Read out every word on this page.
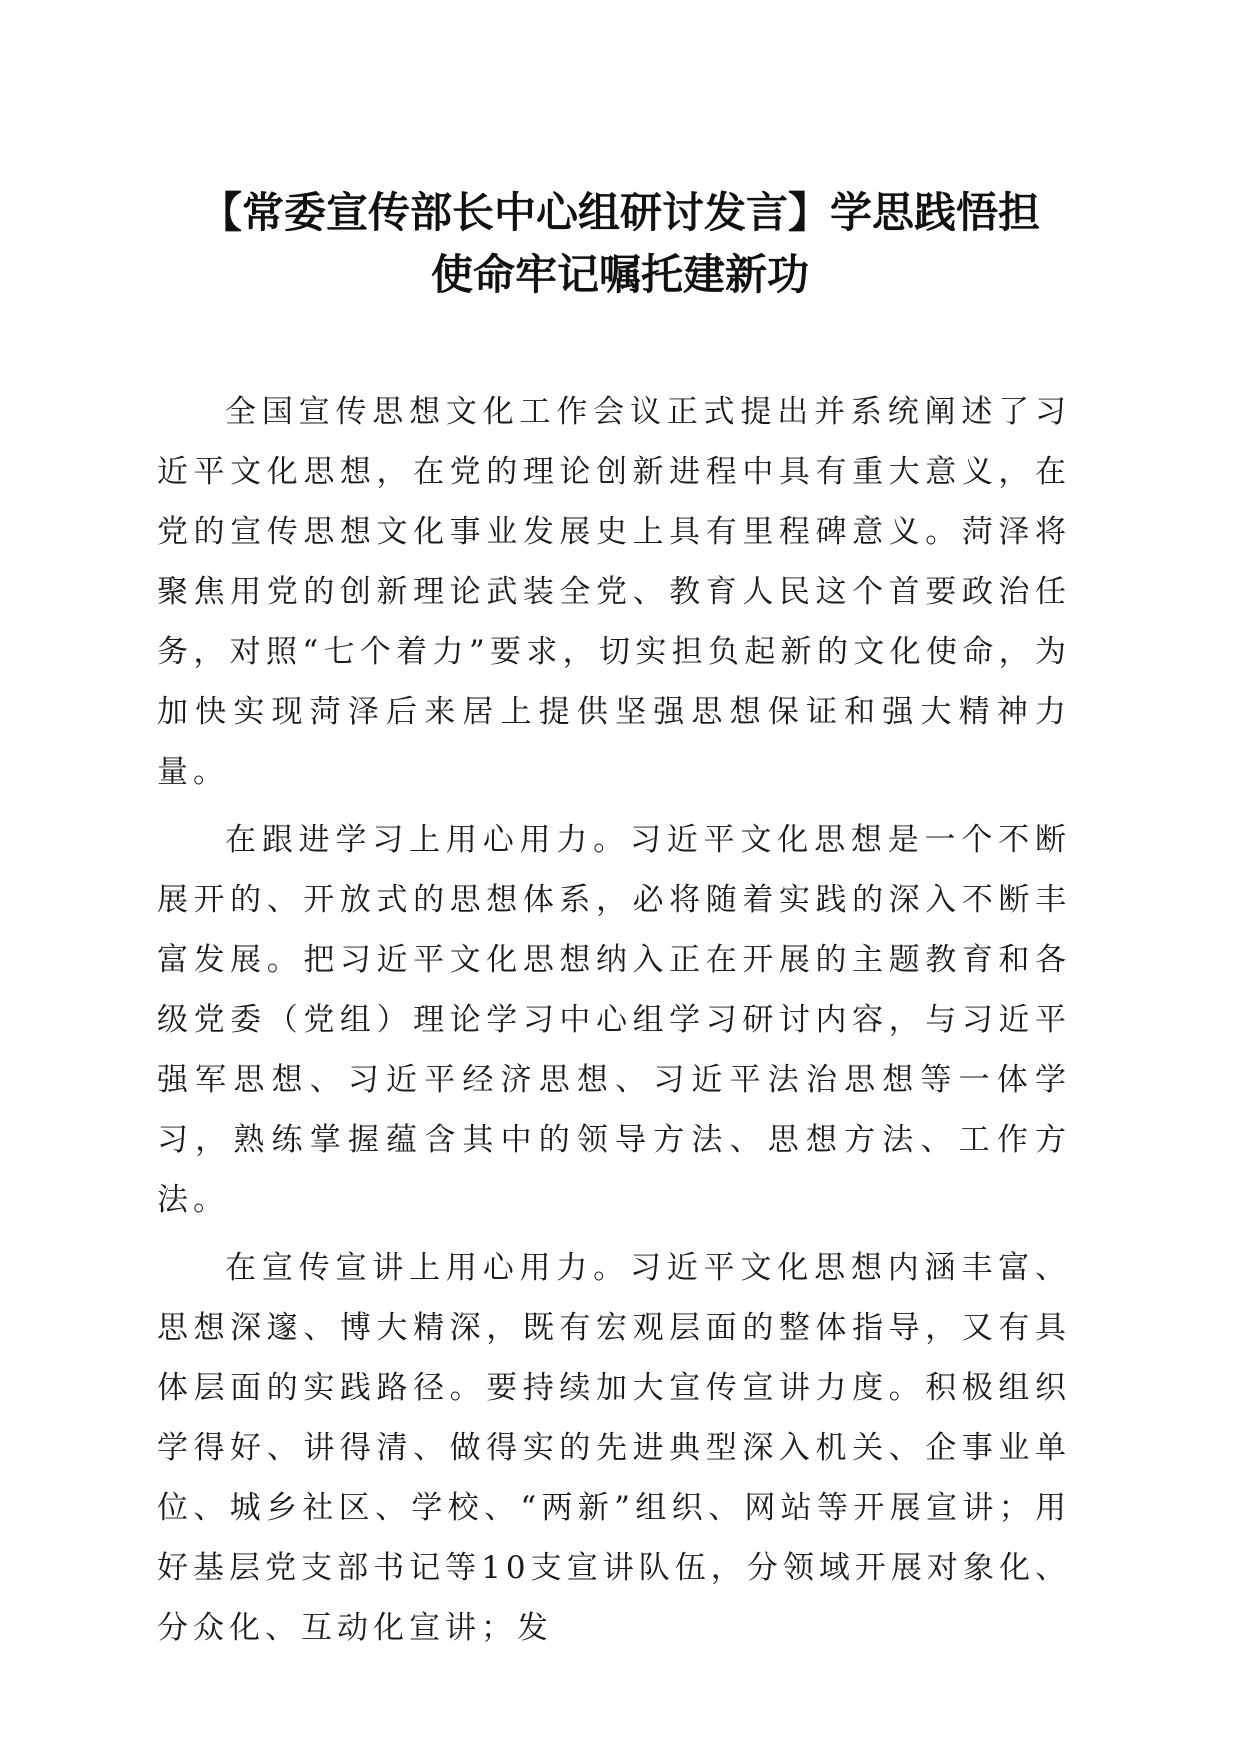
【常委宣传部长中心组研讨发言】学思践悟担
使命牢记嘱托建新功

全国宣传思想文化工作会议正式提出并系统阐述了习近平文化思想，在党的理论创新进程中具有重大意义，在党的宣传思想文化事业发展史上具有里程碑意义。菏泽将聚焦用党的创新理论武装全党、教育人民这个首要政治任务，对照“七个着力”要求，切实担负起新的文化使命，为加快实现菏泽后来居上提供坚强思想保证和强大精神力量。

在跟进学习上用心用力。习近平文化思想是一个不断展开的、开放式的思想体系，必将随着实践的深入不断丰富发展。把习近平文化思想纳入正在开展的主题教育和各级党委（党组）理论学习中心组学习研讨内容，与习近平强军思想、习近平经济思想、习近平法治思想等一体学习，熟练掌握蕴含其中的领导方法、思想方法、工作方法。

在宣传宣讲上用心用力。习近平文化思想内涵丰富、思想深邃、博大精深，既有宏观层面的整体指导，又有具体层面的实践路径。要持续加大宣传宣讲力度。积极组织学得好、讲得清、做得实的先进典型深入机关、企事业单位、城乡社区、学校、“两新”组织、网站等开展宣讲；用好基层党支部书记等10支宣讲队伍，分领域开展对象化、分众化、互动化宣讲；发
